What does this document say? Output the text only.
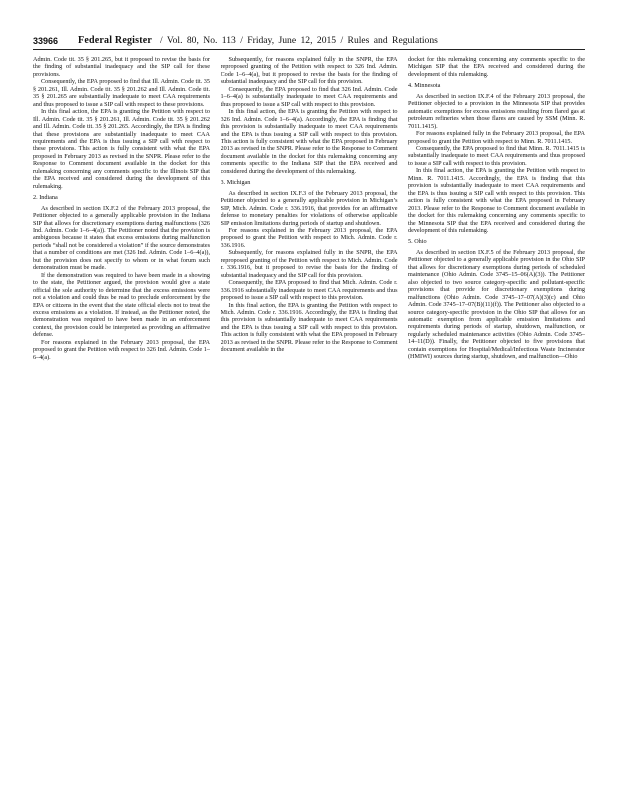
33966 Federal Register / Vol. 80, No. 113 / Friday, June 12, 2015 / Rules and Regulations

Admin. Code tit. 35 § 201.265, but it proposed to revise the basis for the finding of substantial inadequacy and the SIP call for these provisions.

Consequently, the EPA proposed to find that Ill. Admin. Code tit. 35 § 201.261, Ill. Admin. Code tit. 35 § 201.262 and Ill. Admin. Code tit. 35 § 201.265 are substantially inadequate to meet CAA requirements and thus proposed to issue a SIP call with respect to these provisions.

In this final action, the EPA is granting the Petition with respect to Ill. Admin. Code tit. 35 § 201.261, Ill. Admin. Code tit. 35 § 201.262 and Ill. Admin. Code tit. 35 § 201.265. Accordingly, the EPA is finding that these provisions are substantially inadequate to meet CAA requirements and the EPA is thus issuing a SIP call with respect to these provisions. This action is fully consistent with what the EPA proposed in February 2013 as revised in the SNPR. Please refer to the Response to Comment document available in the docket for this rulemaking concerning any comments specific to the Illinois SIP that the EPA received and considered during the development of this rulemaking.

2. Indiana

As described in section IX.F.2 of the February 2013 proposal, the Petitioner objected to a generally applicable provision in the Indiana SIP that allows for discretionary exemptions during malfunctions (326 Ind. Admin. Code 1–6–4(a)). The Petitioner noted that the provision is ambiguous because it states that excess emissions during malfunction periods “shall not be considered a violation” if the source demonstrates that a number of conditions are met (326 Ind. Admin. Code 1–6–4(a)), but the provision does not specify to whom or in what forum such demonstration must be made.

If the demonstration was required to have been made in a showing to the state, the Petitioner argued, the provision would give a state official the sole authority to determine that the excess emissions were not a violation and could thus be read to preclude enforcement by the EPA or citizens in the event that the state official elects not to treat the excess emissions as a violation. If instead, as the Petitioner noted, the demonstration was required to have been made in an enforcement context, the provision could be interpreted as providing an affirmative defense.

For reasons explained in the February 2013 proposal, the EPA proposed to grant the Petition with respect to 326 Ind. Admin. Code 1–6–4(a).

Subsequently, for reasons explained fully in the SNPR, the EPA reproposed granting of the Petition with respect to 326 Ind. Admin. Code 1–6–4(a), but it proposed to revise the basis for the finding of substantial inadequacy and the SIP call for this provision.

Consequently, the EPA proposed to find that 326 Ind. Admin. Code 1–6–4(a) is substantially inadequate to meet CAA requirements and thus proposed to issue a SIP call with respect to this provision.

In this final action, the EPA is granting the Petition with respect to 326 Ind. Admin. Code 1–6–4(a). Accordingly, the EPA is finding that this provision is substantially inadequate to meet CAA requirements and the EPA is thus issuing a SIP call with respect to this provision. This action is fully consistent with what the EPA proposed in February 2013 as revised in the SNPR. Please refer to the Response to Comment document available in the docket for this rulemaking concerning any comments specific to the Indiana SIP that the EPA received and considered during the development of this rulemaking.

3. Michigan

As described in section IX.F.3 of the February 2013 proposal, the Petitioner objected to a generally applicable provision in Michigan’s SIP, Mich. Admin. Code r. 336.1916, that provides for an affirmative defense to monetary penalties for violations of otherwise applicable SIP emission limitations during periods of startup and shutdown.

For reasons explained in the February 2013 proposal, the EPA proposed to grant the Petition with respect to Mich. Admin. Code r. 336.1916.

Subsequently, for reasons explained fully in the SNPR, the EPA reproposed granting of the Petition with respect to Mich. Admin. Code r. 336.1916, but it proposed to revise the basis for the finding of substantial inadequacy and the SIP call for this provision.

Consequently, the EPA proposed to find that Mich. Admin. Code r. 336.1916 substantially inadequate to meet CAA requirements and thus proposed to issue a SIP call with respect to this provision.

In this final action, the EPA is granting the Petition with respect to Mich. Admin. Code r. 336.1916. Accordingly, the EPA is finding that this provision is substantially inadequate to meet CAA requirements and the EPA is thus issuing a SIP call with respect to this provision. This action is fully consistent with what the EPA proposed in February 2013 as revised in the SNPR. Please refer to the Response to Comment document available in the

docket for this rulemaking concerning any comments specific to the Michigan SIP that the EPA received and considered during the development of this rulemaking.

4. Minnesota

As described in section IX.F.4 of the February 2013 proposal, the Petitioner objected to a provision in the Minnesota SIP that provides automatic exemptions for excess emissions resulting from flared gas at petroleum refineries when those flares are caused by SSM (Minn. R. 7011.1415).

For reasons explained fully in the February 2013 proposal, the EPA proposed to grant the Petition with respect to Minn. R. 7011.1415.

Consequently, the EPA proposed to find that Minn. R. 7011.1415 is substantially inadequate to meet CAA requirements and thus proposed to issue a SIP call with respect to this provision.

In this final action, the EPA is granting the Petition with respect to Minn. R. 7011.1415. Accordingly, the EPA is finding that this provision is substantially inadequate to meet CAA requirements and the EPA is thus issuing a SIP call with respect to this provision. This action is fully consistent with what the EPA proposed in February 2013. Please refer to the Response to Comment document available in the docket for this rulemaking concerning any comments specific to the Minnesota SIP that the EPA received and considered during the development of this rulemaking.

5. Ohio

As described in section IX.F.5 of the February 2013 proposal, the Petitioner objected to a generally applicable provision in the Ohio SIP that allows for discretionary exemptions during periods of scheduled maintenance (Ohio Admin. Code 3745–15–06(A)(3)). The Petitioner also objected to two source category-specific and pollutant-specific provisions that provide for discretionary exemptions during malfunctions (Ohio Admin. Code 3745–17–07(A)(3)(c) and Ohio Admin. Code 3745–17–07(B)(11)(f)). The Petitioner also objected to a source category-specific provision in the Ohio SIP that allows for an automatic exemption from applicable emission limitations and requirements during periods of startup, shutdown, malfunction, or regularly scheduled maintenance activities (Ohio Admin. Code 3745–14–11(D)). Finally, the Petitioner objected to five provisions that contain exemptions for Hospital/Medical/Infectious Waste Incinerator (HMIWI) sources during startup, shutdown, and malfunction—Ohio
